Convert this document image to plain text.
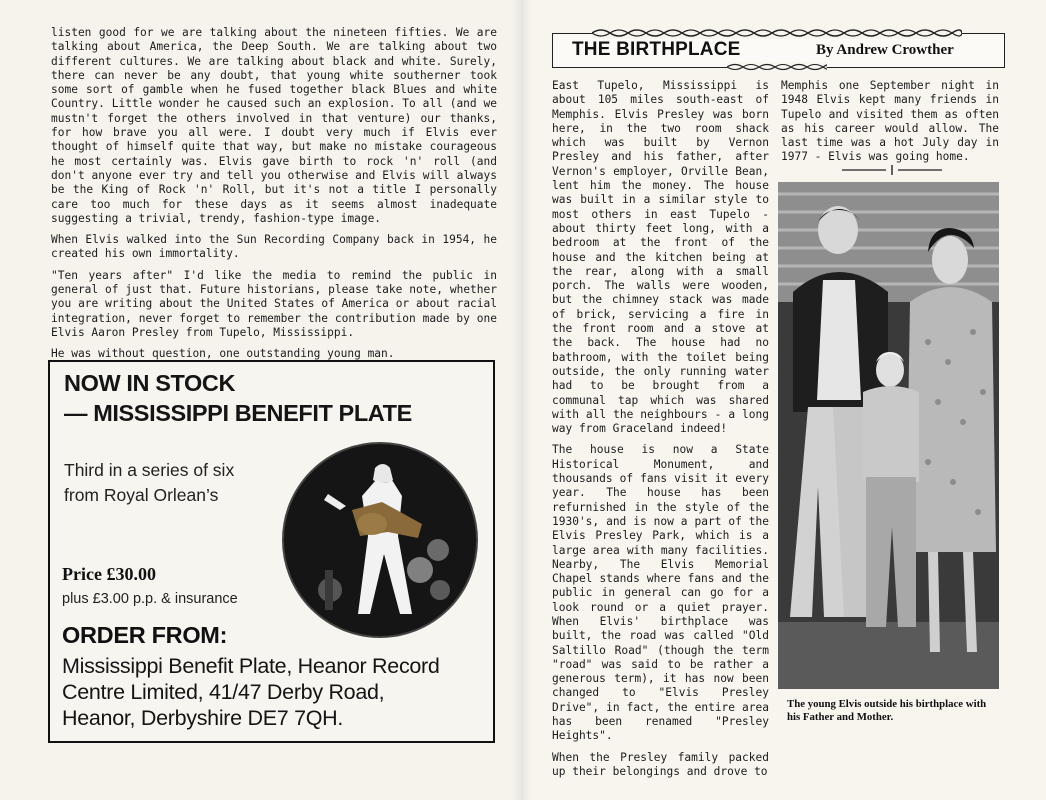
listen good for we are talking about the nineteen fifties. We are talking about America, the Deep South. We are talking about two different cultures. We are talking about black and white. Surely, there can never be any doubt, that young white southerner took some sort of gamble when he fused together black Blues and white Country. Little wonder he caused such an explosion. To all (and we mustn't forget the others involved in that venture) our thanks, for how brave you all were. I doubt very much if Elvis ever thought of himself quite that way, but make no mistake courageous he most certainly was. Elvis gave birth to rock 'n' roll (and don't anyone ever try and tell you otherwise and Elvis will always be the King of Rock 'n' Roll, but it's not a title I personally care too much for these days as it seems almost inadequate suggesting a trivial, trendy, fashion-type image.

When Elvis walked into the Sun Recording Company back in 1954, he created his own immortality.

"Ten years after" I'd like the media to remind the public in general of just that. Future historians, please take note, whether you are writing about the United States of America or about racial integration, never forget to remember the contribution made by one Elvis Aaron Presley from Tupelo, Mississippi.

He was without question, one outstanding young man.

NOW IN STOCK
— MISSISSIPPI BENEFIT PLATE
Third in a series of six
from Royal Orlean’s
Price £30.00
plus £3.00 p.p. & insurance
ORDER FROM:
Mississippi Benefit Plate, Heanor Record
Centre Limited, 41/47 Derby Road,
Heanor, Derbyshire DE7 7QH.
THE BIRTHPLACE	By Andrew Crowther

East Tupelo, Mississippi is about 105 miles south-east of Memphis. Elvis Presley was born here, in the two room shack which was built by Vernon Presley and his father, after Vernon's employer, Orville Bean, lent him the money. The house was built in a similar style to most others in east Tupelo - about thirty feet long, with a bedroom at the front of the house and the kitchen being at the rear, along with a small porch. The walls were wooden, but the chimney stack was made of brick, servicing a fire in the front room and a stove at the back. The house had no bathroom, with the toilet being outside, the only running water had to be brought from a communal tap which was shared with all the neighbours - a long way from Graceland indeed!

The house is now a State Historical Monument, and thousands of fans visit it every year. The house has been refurnished in the style of the 1930's, and is now a part of the Elvis Presley Park, which is a large area with many facilities. Nearby, The Elvis Memorial Chapel stands where fans and the public in general can go for a look round or a quiet prayer. When Elvis' birthplace was built, the road was called "Old Saltillo Road" (though the term "road" was said to be rather a generous term), it has now been changed to "Elvis Presley Drive", in fact, the entire area has been renamed "Presley Heights".

When the Presley family packed up their belongings and drove to

Memphis one September night in 1948 Elvis kept many friends in Tupelo and visited them as often as his career would allow. The last time was a hot July day in 1977 - Elvis was going home.

The young Elvis outside his birthplace with his Father and Mother.
